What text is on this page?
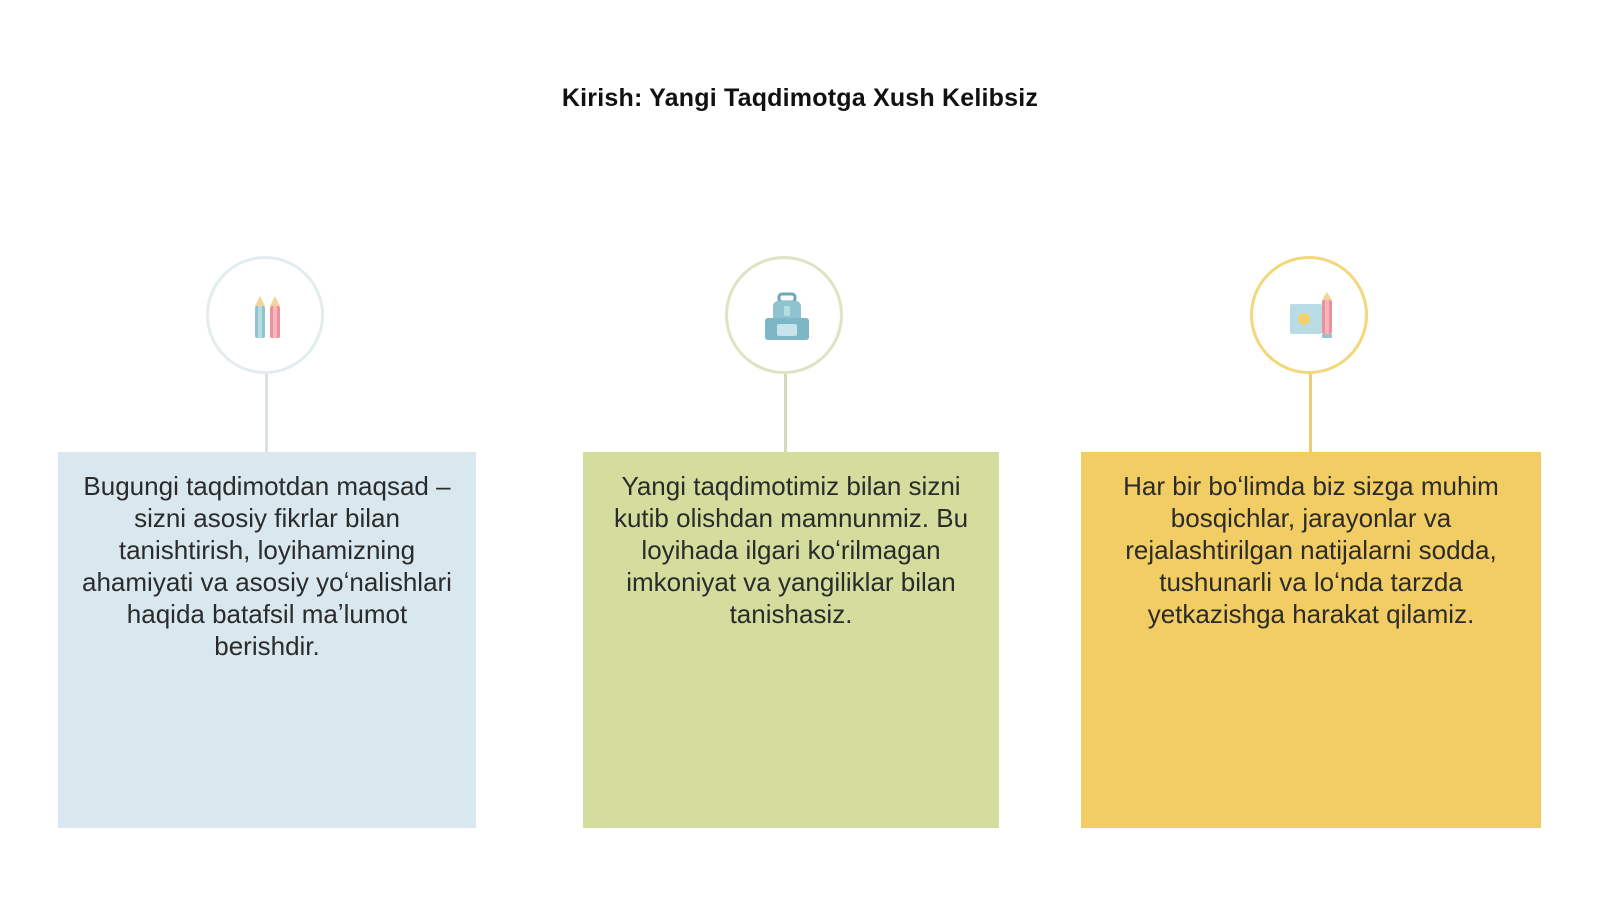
Kirish: Yangi Taqdimotga Xush Kelibsiz
Bugungi taqdimotdan maqsad – sizni asosiy fikrlar bilan tanishtirish, loyihamizning ahamiyati va asosiy yoʻnalishlari haqida batafsil maʼlumot berishdir.
Yangi taqdimotimiz bilan sizni kutib olishdan mamnunmiz. Bu loyihada ilgari koʻrilmagan imkoniyat va yangiliklar bilan tanishasiz.
Har bir boʻlimda biz sizga muhim bosqichlar, jarayonlar va rejalashtirilgan natijalarni sodda, tushunarli va loʻnda tarzda yetkazishga harakat qilamiz.
